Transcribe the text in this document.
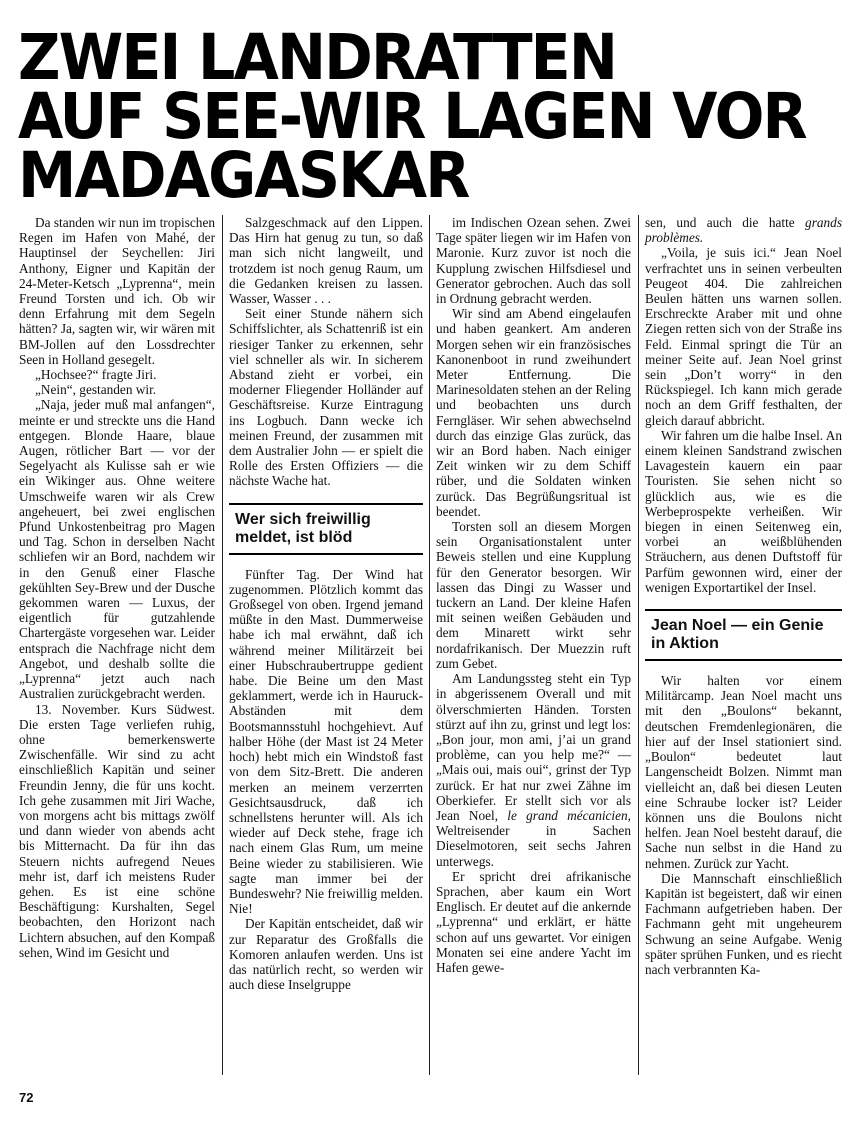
ZWEI LANDRATTEN
AUF SEE-WIR LAGEN VOR
MADAGASKAR

Da standen wir nun im tropischen Regen im Hafen von Mahé, der Hauptinsel der Seychellen: Jiri Anthony, Eigner und Kapitän der 24-Meter-Ketsch „Lyprenna“, mein Freund Torsten und ich. Ob wir denn Erfahrung mit dem Segeln hätten? Ja, sagten wir, wir wären mit BM-Jollen auf den Lossdrechter Seen in Holland gesegelt.

„Hochsee?“ fragte Jiri.

„Nein“, gestanden wir.

„Naja, jeder muß mal anfangen“, meinte er und streckte uns die Hand entgegen. Blonde Haare, blaue Augen, rötlicher Bart — vor der Segelyacht als Kulisse sah er wie ein Wikinger aus. Ohne weitere Umschweife waren wir als Crew angeheuert, bei zwei englischen Pfund Unkostenbeitrag pro Magen und Tag. Schon in derselben Nacht schliefen wir an Bord, nachdem wir in den Genuß einer Flasche gekühlten Sey-Brew und der Dusche gekommen waren — Luxus, der eigentlich für gutzahlende Chartergäste vorgesehen war. Leider entsprach die Nachfrage nicht dem Angebot, und deshalb sollte die „Lyprenna“ jetzt auch nach Australien zurückgebracht werden.

13. November. Kurs Südwest. Die ersten Tage verliefen ruhig, ohne bemerkenswerte Zwischenfälle. Wir sind zu acht einschließlich Kapitän und seiner Freundin Jenny, die für uns kocht. Ich gehe zusammen mit Jiri Wache, von morgens acht bis mittags zwölf und dann wieder von abends acht bis Mitternacht. Da für ihn das Steuern nichts aufregend Neues mehr ist, darf ich meistens Ruder gehen. Es ist eine schöne Beschäftigung: Kurshalten, Segel beobachten, den Horizont nach Lichtern absuchen, auf den Kompaß sehen, Wind im Gesicht und

Salzgeschmack auf den Lippen. Das Hirn hat genug zu tun, so daß man sich nicht langweilt, und trotzdem ist noch genug Raum, um die Gedanken kreisen zu lassen. Wasser, Wasser . . .

Seit einer Stunde nähern sich Schiffslichter, als Schattenriß ist ein riesiger Tanker zu erkennen, sehr viel schneller als wir. In sicherem Abstand zieht er vorbei, ein moderner Fliegender Holländer auf Geschäftsreise. Kurze Eintragung ins Logbuch. Dann wecke ich meinen Freund, der zusammen mit dem Australier John — er spielt die Rolle des Ersten Offiziers — die nächste Wache hat.

Wer sich freiwillig meldet, ist blöd

Fünfter Tag. Der Wind hat zugenommen. Plötzlich kommt das Großsegel von oben. Irgend jemand müßte in den Mast. Dummerweise habe ich mal erwähnt, daß ich während meiner Militärzeit bei einer Hubschraubertruppe gedient habe. Die Beine um den Mast geklammert, werde ich in Hauruck-Abständen mit dem Bootsmannsstuhl hochgehievt. Auf halber Höhe (der Mast ist 24 Meter hoch) hebt mich ein Windstoß fast von dem Sitz-Brett. Die anderen merken an meinem verzerrten Gesichtsausdruck, daß ich schnellstens herunter will. Als ich wieder auf Deck stehe, frage ich nach einem Glas Rum, um meine Beine wieder zu stabilisieren. Wie sagte man immer bei der Bundeswehr? Nie freiwillig melden. Nie!

Der Kapitän entscheidet, daß wir zur Reparatur des Großfalls die Komoren anlaufen werden. Uns ist das natürlich recht, so werden wir auch diese Inselgruppe

im Indischen Ozean sehen. Zwei Tage später liegen wir im Hafen von Maronie. Kurz zuvor ist noch die Kupplung zwischen Hilfsdiesel und Generator gebrochen. Auch das soll in Ordnung gebracht werden.

Wir sind am Abend eingelaufen und haben geankert. Am anderen Morgen sehen wir ein französisches Kanonenboot in rund zweihundert Meter Entfernung. Die Marinesoldaten stehen an der Reling und beobachten uns durch Ferngläser. Wir sehen abwechselnd durch das einzige Glas zurück, das wir an Bord haben. Nach einiger Zeit winken wir zu dem Schiff rüber, und die Soldaten winken zurück. Das Begrüßungsritual ist beendet.

Torsten soll an diesem Morgen sein Organisationstalent unter Beweis stellen und eine Kupplung für den Generator besorgen. Wir lassen das Dingi zu Wasser und tuckern an Land. Der kleine Hafen mit seinen weißen Gebäuden und dem Minarett wirkt sehr nordafrikanisch. Der Muezzin ruft zum Gebet.

Am Landungssteg steht ein Typ in abgerissenem Overall und mit ölverschmierten Händen. Torsten stürzt auf ihn zu, grinst und legt los: „Bon jour, mon ami, j’ai un grand problème, can you help me?“ — „Mais oui, mais oui“, grinst der Typ zurück. Er hat nur zwei Zähne im Oberkiefer. Er stellt sich vor als Jean Noel, le grand mécanicien, Weltreisender in Sachen Dieselmotoren, seit sechs Jahren unterwegs.

Er spricht drei afrikanische Sprachen, aber kaum ein Wort Englisch. Er deutet auf die ankernde „Lyprenna“ und erklärt, er hätte schon auf uns gewartet. Vor einigen Monaten sei eine andere Yacht im Hafen gewe-

sen, und auch die hatte grands problèmes.

„Voila, je suis ici.“ Jean Noel verfrachtet uns in seinen verbeulten Peugeot 404. Die zahlreichen Beulen hätten uns warnen sollen. Erschreckte Araber mit und ohne Ziegen retten sich von der Straße ins Feld. Einmal springt die Tür an meiner Seite auf. Jean Noel grinst sein „Don’t worry“ in den Rückspiegel. Ich kann mich gerade noch an dem Griff festhalten, der gleich darauf abbricht.

Wir fahren um die halbe Insel. An einem kleinen Sandstrand zwischen Lavagestein kauern ein paar Touristen. Sie sehen nicht so glücklich aus, wie es die Werbeprospekte verheißen. Wir biegen in einen Seitenweg ein, vorbei an weißblühenden Sträuchern, aus denen Duftstoff für Parfüm gewonnen wird, einer der wenigen Exportartikel der Insel.

Jean Noel — ein Genie in Aktion

Wir halten vor einem Militärcamp. Jean Noel macht uns mit den „Boulons“ bekannt, deutschen Fremdenlegionären, die hier auf der Insel stationiert sind. „Boulon“ bedeutet laut Langenscheidt Bolzen. Nimmt man vielleicht an, daß bei diesen Leuten eine Schraube locker ist? Leider können uns die Boulons nicht helfen. Jean Noel besteht darauf, die Sache nun selbst in die Hand zu nehmen. Zurück zur Yacht.

Die Mannschaft einschließlich Kapitän ist begeistert, daß wir einen Fachmann aufgetrieben haben. Der Fachmann geht mit ungeheurem Schwung an seine Aufgabe. Wenig später sprühen Funken, und es riecht nach verbrannten Ka-

72
